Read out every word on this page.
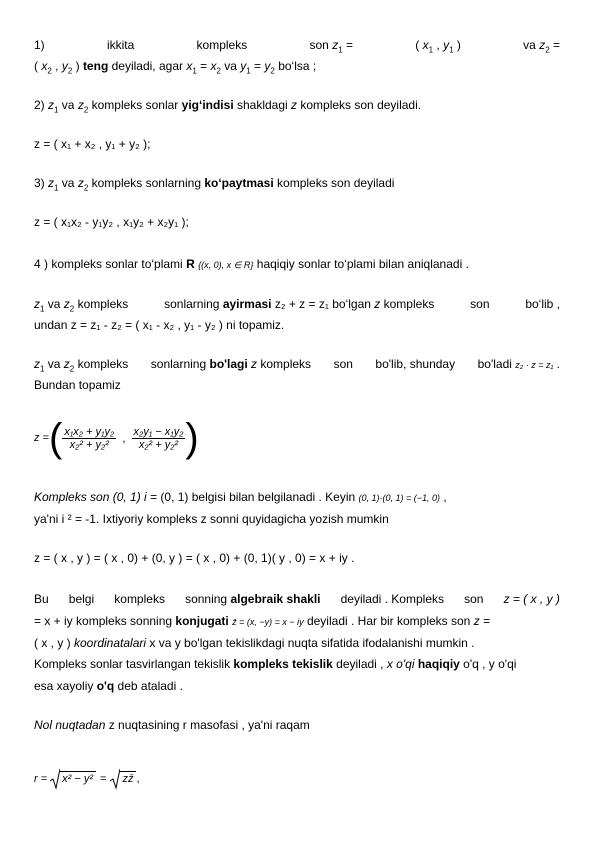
1)	ikkita	kompleks	son $z_1$ =	( $x_1$ , $y_1$ )	va $z_2$ =
( $x_2$ , $y_2$ ) teng deyiladi, agar $x_1 = x_2$ va $y_1 = y_2$ bo‘lsa ;
2) $z_1$ va $z_2$ kompleks sonlar yig‘indisi shakldagi z kompleks son deyiladi.
z = ( x₁ + x₂ , y₁ + y₂ );
3) $z_1$ va $z_2$ kompleks sonlarning ko‘paytmasi kompleks son deyiladi
z = ( x₁x₂ - y₁y₂ , x₁y₂ + x₂y₁ );
4 ) kompleks sonlar to‘plami R {(x, 0), x ∈ R} haqiqiy sonlar to‘plami bilan aniqlanadi .
$z_1$ va $z_2$ kompleks	sonlarning ayirmasi z₂ + z = z₁ bo‘lgan z kompleks	son	bo‘lib ,
undan z = z₁ - z₂ = ( x₁ - x₂ , y₁ - y₂ ) ni topamiz.
$z_1$ va $z_2$ kompleks sonlarning bo'lagi z kompleks son bo'lib, shunday bo'ladi z₂ · z = z₁ .
Bundan topamiz
z = ( $\frac{\text{x₁x₂ + y₁y₂}}{\text{x₂² + y₂²}}$ , $\frac{\text{x₂y₁ − x₁y₂}}{\text{x₂² + y₂²}}$ )
Kompleks son (0, 1) i = (0, 1) belgisi bilan belgilanadi . Keyin (0, 1)·(0, 1) = (−1, 0) ,
ya'ni i ² = -1. Ixtiyoriy kompleks z sonni quyidagicha yozish mumkin
z = ( x , y ) = ( x , 0) + (0, y ) = ( x , 0) + (0, 1)( y , 0) = x + iy .
Bu belgi kompleks sonning algebraik shakli deyiladi . Kompleks son z = ( x , y )
= x + iy kompleks sonning konjugati z̄ = (x, −y) = x − iy deyiladi . Har bir kompleks son z =
( x , y ) koordinatalari x va y bo'lgan tekislikdagi nuqta sifatida ifodalanishi mumkin .
Kompleks sonlar tasvirlangan tekislik kompleks tekislik deyiladi , x o'qi haqiqiy o'q , y o'qi
esa xayoliy o'q deb ataladi .
Nol nuqtadan z nuqtasining r masofasi , ya'ni raqam
r = x² − y² = zz̄ ,
